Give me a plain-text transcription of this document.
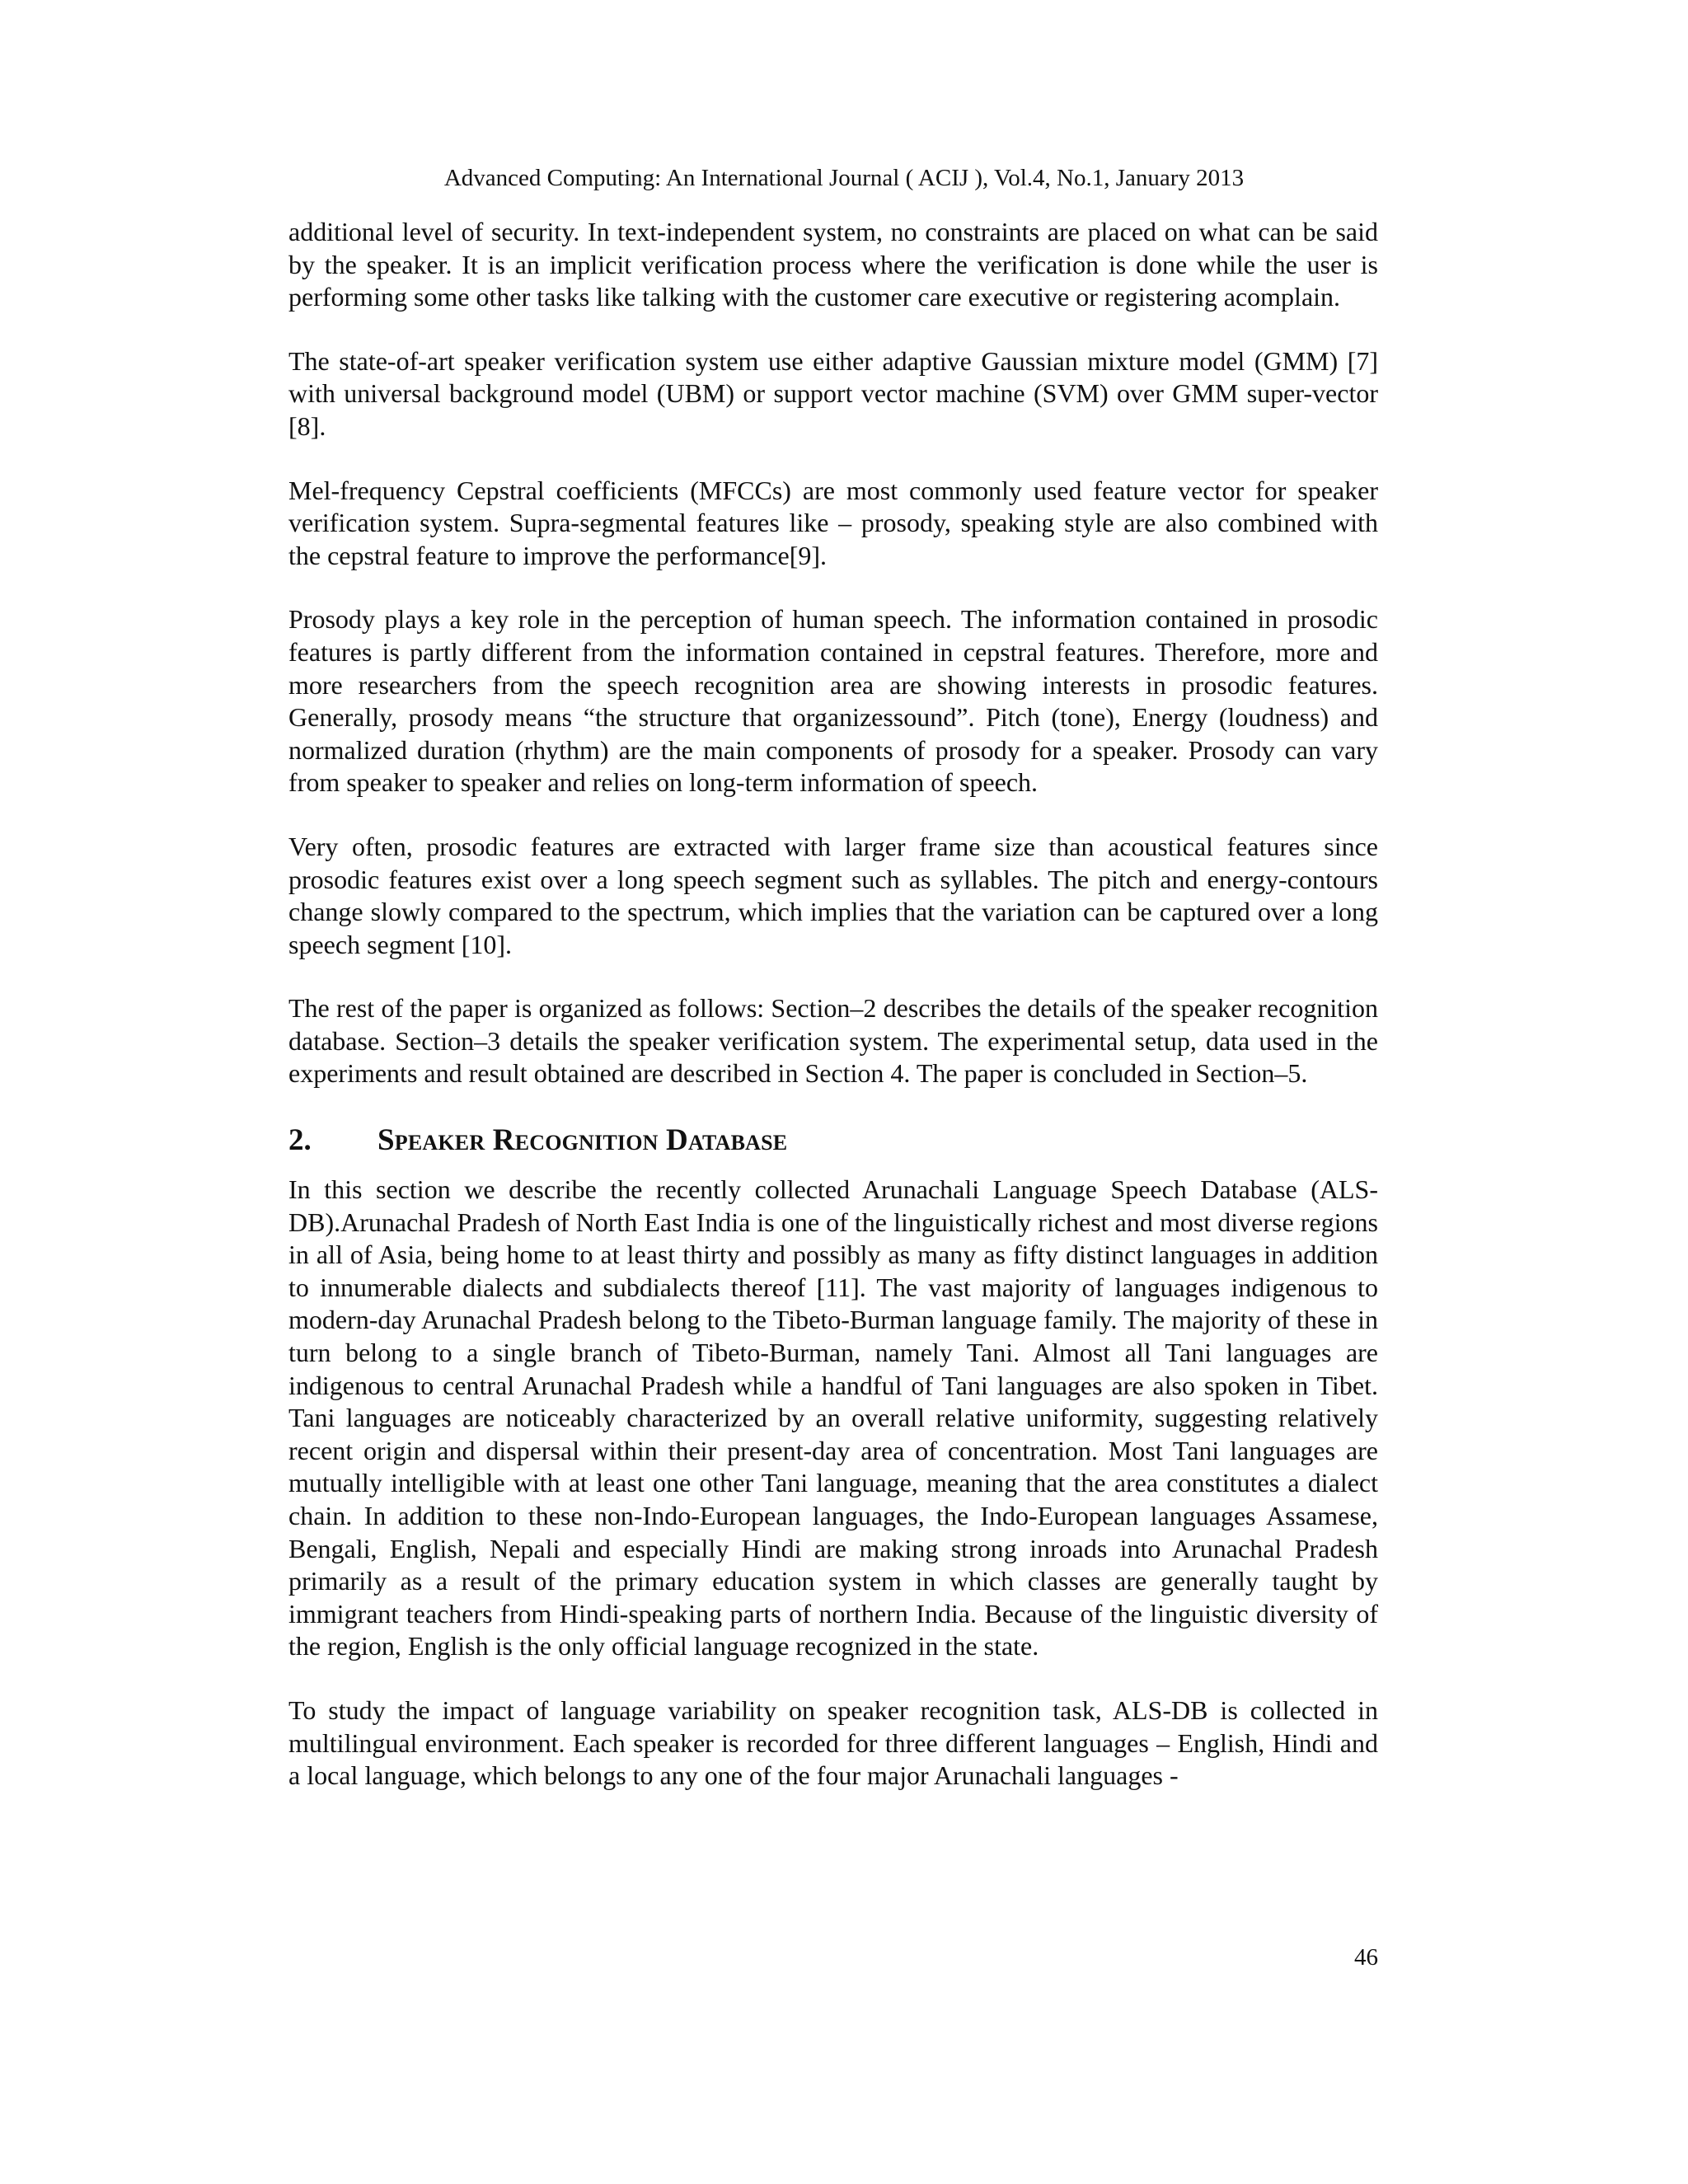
Advanced Computing: An International Journal ( ACIJ ), Vol.4, No.1, January 2013

additional level of security. In text-independent system, no constraints are placed on what can be said by the speaker. It is an implicit verification process where the verification is done while the user is performing some other tasks like talking with the customer care executive or registering acomplain.

The state-of-art speaker verification system use either adaptive Gaussian mixture model (GMM) [7] with universal background model (UBM) or support vector machine (SVM) over GMM super-vector [8].

Mel-frequency Cepstral coefficients (MFCCs) are most commonly used feature vector for speaker verification system. Supra-segmental features like – prosody, speaking style are also combined with the cepstral feature to improve the performance[9].

Prosody plays a key role in the perception of human speech. The information contained in prosodic features is partly different from the information contained in cepstral features. Therefore, more and more researchers from the speech recognition area are showing interests in prosodic features. Generally, prosody means “the structure that organizessound”. Pitch (tone), Energy (loudness) and normalized duration (rhythm) are the main components of prosody for a speaker. Prosody can vary from speaker to speaker and relies on long-term information of speech.

Very often, prosodic features are extracted with larger frame size than acoustical features since prosodic features exist over a long speech segment such as syllables. The pitch and energy-contours change slowly compared to the spectrum, which implies that the variation can be captured over a long speech segment [10].

The rest of the paper is organized as follows: Section–2 describes the details of the speaker recognition database. Section–3 details the speaker verification system. The experimental setup, data used in the experiments and result obtained are described in Section 4. The paper is concluded in Section–5.

2.	Speaker Recognition Database

In this section we describe the recently collected Arunachali Language Speech Database (ALS-DB).Arunachal Pradesh of North East India is one of the linguistically richest and most diverse regions in all of Asia, being home to at least thirty and possibly as many as fifty distinct languages in addition to innumerable dialects and subdialects thereof [11]. The vast majority of languages indigenous to modern-day Arunachal Pradesh belong to the Tibeto-Burman language family. The majority of these in turn belong to a single branch of Tibeto-Burman, namely Tani. Almost all Tani languages are indigenous to central Arunachal Pradesh while a handful of Tani languages are also spoken in Tibet. Tani languages are noticeably characterized by an overall relative uniformity, suggesting relatively recent origin and dispersal within their present-day area of concentration. Most Tani languages are mutually intelligible with at least one other Tani language, meaning that the area constitutes a dialect chain. In addition to these non-Indo-European languages, the Indo-European languages Assamese, Bengali, English, Nepali and especially Hindi are making strong inroads into Arunachal Pradesh primarily as a result of the primary education system in which classes are generally taught by immigrant teachers from Hindi-speaking parts of northern India. Because of the linguistic diversity of the region, English is the only official language recognized in the state.

To study the impact of language variability on speaker recognition task, ALS-DB is collected in multilingual environment. Each speaker is recorded for three different languages – English, Hindi and a local language, which belongs to any one of the four major Arunachali languages -

46
